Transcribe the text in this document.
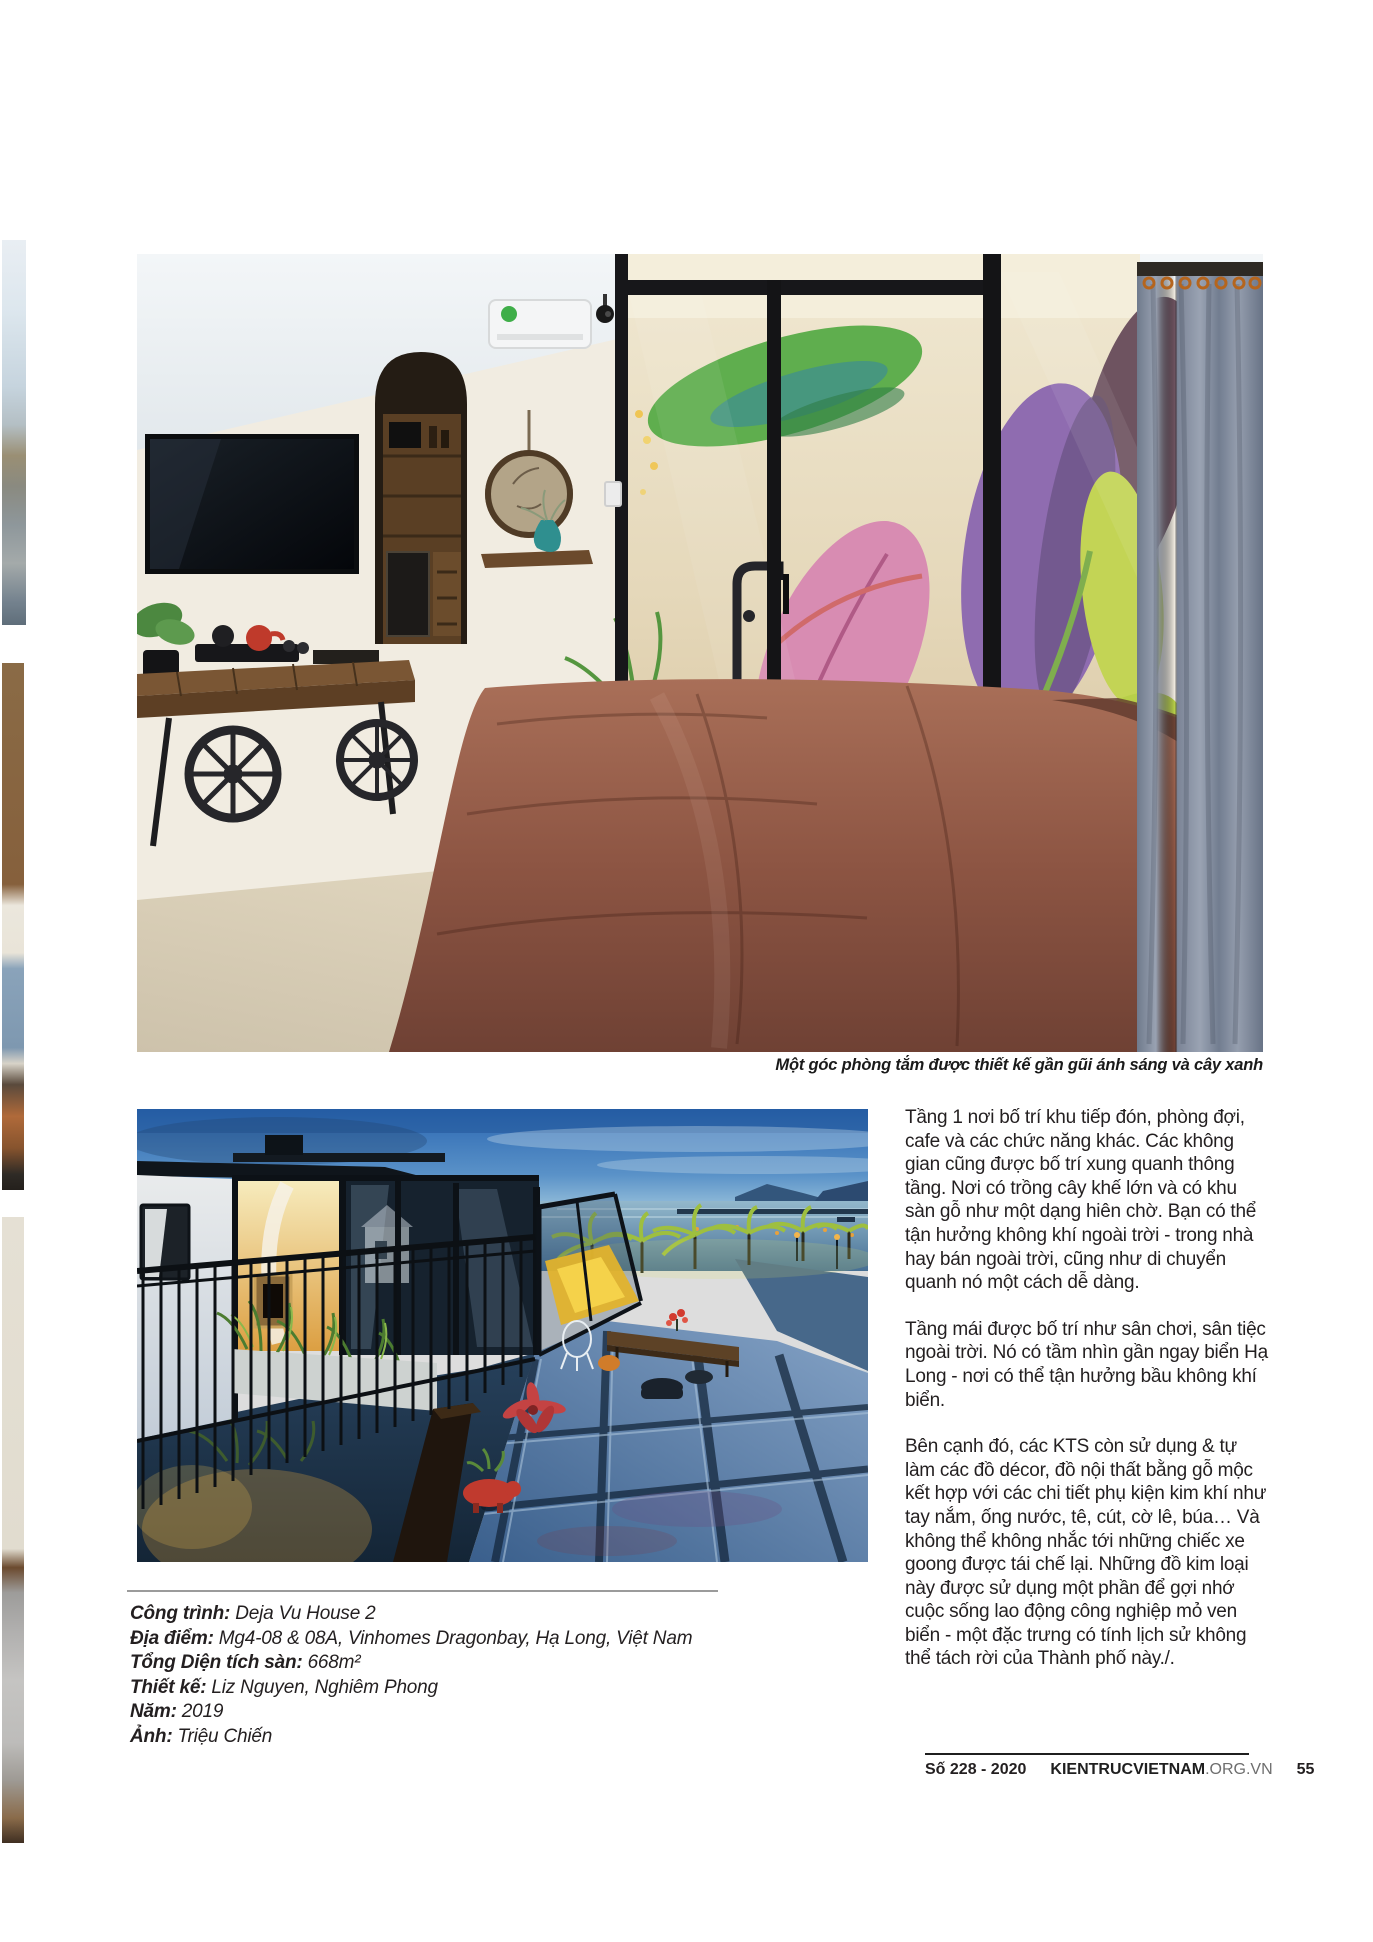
Một góc phòng tắm được thiết kế gần gũi ánh sáng và cây xanh
Công trình: Deja Vu House 2
Địa điểm: Mg4-08 & 08A, Vinhomes Dragonbay, Hạ Long, Việt Nam
Tổng Diện tích sàn: 668m²
Thiết kế: Liz Nguyen, Nghiêm Phong
Năm: 2019
Ảnh: Triệu Chiến

Tầng 1 nơi bố trí khu tiếp đón, phòng đợi, cafe và các chức năng khác. Các không gian cũng được bố trí xung quanh thông tầng. Nơi có trồng cây khế lớn và có khu sàn gỗ như một dạng hiên chờ. Bạn có thể tận hưởng không khí ngoài trời - trong nhà hay bán ngoài trời, cũng như di chuyển quanh nó một cách dễ dàng.

Tầng mái được bố trí như sân chơi, sân tiệc ngoài trời. Nó có tầm nhìn gần ngay biển Hạ Long - nơi có thể tận hưởng bầu không khí biển.

Bên cạnh đó, các KTS còn sử dụng & tự làm các đồ décor, đồ nội thất bằng gỗ mộc kết hợp với các chi tiết phụ kiện kim khí như tay nắm, ống nước, tê, cút, cờ lê, búa… Và không thể không nhắc tới những chiếc xe goong được tái chế lại. Những đồ kim loại này được sử dụng một phần để gợi nhớ cuộc sống lao động công nghiệp mỏ ven biển - một đặc trưng có tính lịch sử không thể tách rời của Thành phố này./.

Số 228 - 2020 KIENTRUCVIETNAM.ORG.VN 55
